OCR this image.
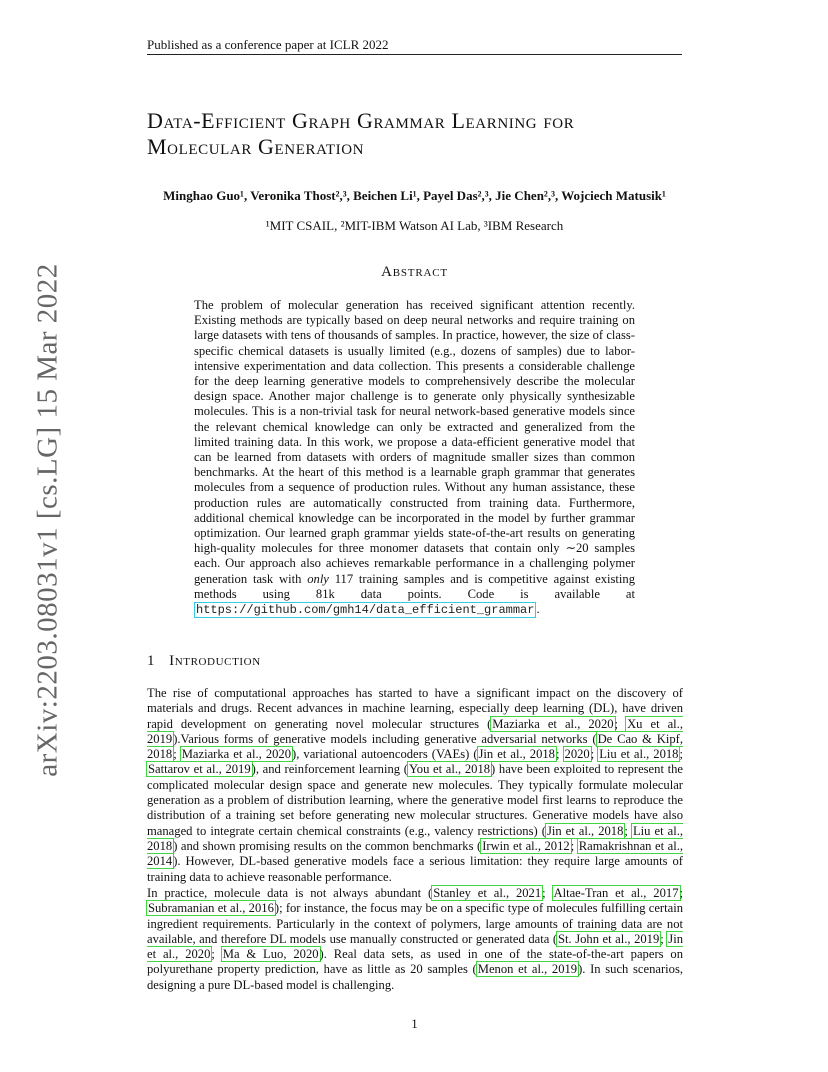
Published as a conference paper at ICLR 2022
arXiv:2203.08031v1 [cs.LG] 15 Mar 2022
Data-Efficient Graph Grammar Learning for
Molecular Generation
Minghao Guo¹, Veronika Thost²,³, Beichen Li¹, Payel Das²,³, Jie Chen²,³, Wojciech Matusik¹
¹MIT CSAIL, ²MIT-IBM Watson AI Lab, ³IBM Research
Abstract
The problem of molecular generation has received significant attention recently. Existing methods are typically based on deep neural networks and require training on large datasets with tens of thousands of samples. In practice, however, the size of class-specific chemical datasets is usually limited (e.g., dozens of samples) due to labor-intensive experimentation and data collection. This presents a considerable challenge for the deep learning generative models to comprehensively describe the molecular design space. Another major challenge is to generate only physically synthesizable molecules. This is a non-trivial task for neural network-based generative models since the relevant chemical knowledge can only be extracted and generalized from the limited training data. In this work, we propose a data-efficient generative model that can be learned from datasets with orders of magnitude smaller sizes than common benchmarks. At the heart of this method is a learnable graph grammar that generates molecules from a sequence of production rules. Without any human assistance, these production rules are automatically constructed from training data. Furthermore, additional chemical knowledge can be incorporated in the model by further grammar optimization. Our learned graph grammar yields state-of-the-art results on generating high-quality molecules for three monomer datasets that contain only ∼20 samples each. Our approach also achieves remarkable performance in a challenging polymer generation task with only 117 training samples and is competitive against existing methods using 81k data points. Code is available at https://github.com/gmh14/data_efficient_grammar .
1 Introduction
The rise of computational approaches has started to have a significant impact on the discovery of materials and drugs. Recent advances in machine learning, especially deep learning (DL), have driven rapid development on generating novel molecular structures (Maziarka et al., 2020; Xu et al., 2019).Various forms of generative models including generative adversarial networks (De Cao & Kipf, 2018; Maziarka et al., 2020), variational autoencoders (VAEs) (Jin et al., 2018; 2020; Liu et al., 2018; Sattarov et al., 2019), and reinforcement learning (You et al., 2018) have been exploited to represent the complicated molecular design space and generate new molecules. They typically formulate molecular generation as a problem of distribution learning, where the generative model first learns to reproduce the distribution of a training set before generating new molecular structures. Generative models have also managed to integrate certain chemical constraints (e.g., valency restrictions) (Jin et al., 2018; Liu et al., 2018) and shown promising results on the common benchmarks (Irwin et al., 2012; Ramakrishnan et al., 2014). However, DL-based generative models face a serious limitation: they require large amounts of training data to achieve reasonable performance.
In practice, molecule data is not always abundant (Stanley et al., 2021; Altae-Tran et al., 2017; Subramanian et al., 2016); for instance, the focus may be on a specific type of molecules fulfilling certain ingredient requirements. Particularly in the context of polymers, large amounts of training data are not available, and therefore DL models use manually constructed or generated data (St. John et al., 2019; Jin et al., 2020; Ma & Luo, 2020). Real data sets, as used in one of the state-of-the-art papers on polyurethane property prediction, have as little as 20 samples (Menon et al., 2019). In such scenarios, designing a pure DL-based model is challenging.
1
